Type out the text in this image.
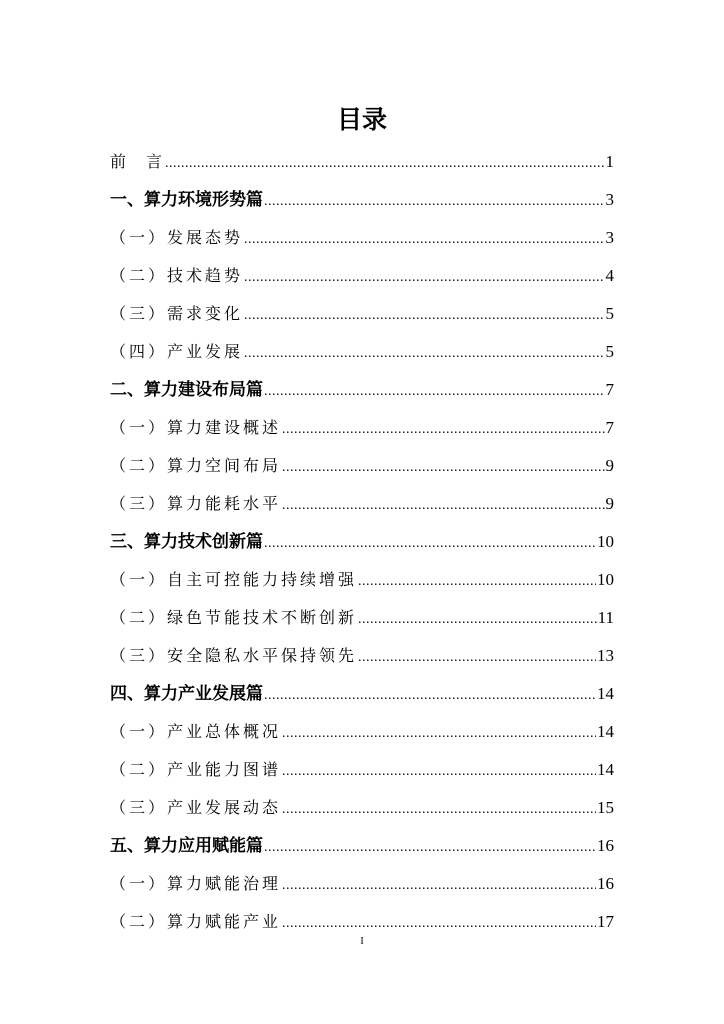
目录
前　言 .....	1
一、算力环境形势篇 .....	3
（一）发展态势 .....	3
（二）技术趋势 .....	4
（三）需求变化 .....	5
（四）产业发展 .....	5
二、算力建设布局篇 .....	7
（一）算力建设概述 .....	7
（二）算力空间布局 .....	9
（三）算力能耗水平 .....	9
三、算力技术创新篇 .....	10
（一）自主可控能力持续增强 .....	10
（二）绿色节能技术不断创新 .....	11
（三）安全隐私水平保持领先 .....	13
四、算力产业发展篇 .....	14
（一）产业总体概况 .....	14
（二）产业能力图谱 .....	14
（三）产业发展动态 .....	15
五、算力应用赋能篇 .....	16
（一）算力赋能治理 .....	16
（二）算力赋能产业 .....	17
I
